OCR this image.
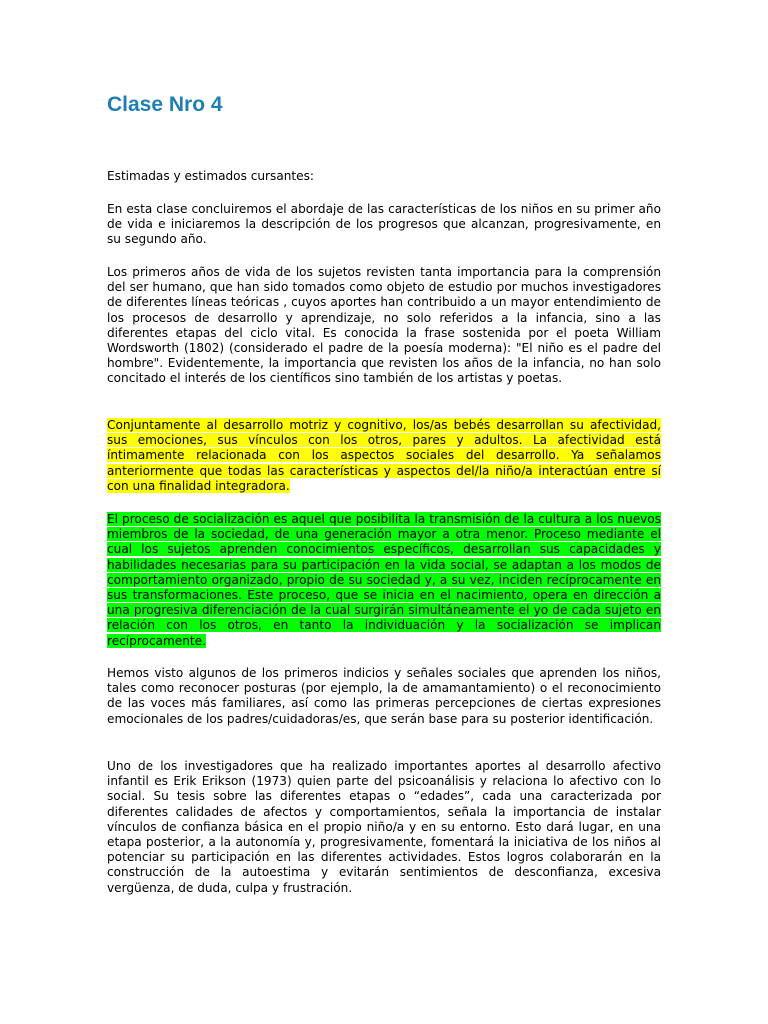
Clase Nro 4

Estimadas y estimados cursantes:

En esta clase concluiremos el abordaje de las características de los niños en su primer año de vida e iniciaremos la descripción de los progresos que alcanzan, progresivamente, en su segundo año.

Los primeros años de vida de los sujetos revisten tanta importancia para la comprensión del ser humano, que han sido tomados como objeto de estudio por muchos investigadores de diferentes líneas teóricas , cuyos aportes han contribuido a un mayor entendimiento de los procesos de desarrollo y aprendizaje, no solo referidos a la infancia, sino a las diferentes etapas del ciclo vital. Es conocida la frase sostenida por el poeta William Wordsworth (1802) (considerado el padre de la poesía moderna): "El niño es el padre del hombre". Evidentemente, la importancia que revisten los años de la infancia, no han solo concitado el interés de los científicos sino también de los artistas y poetas.

Conjuntamente al desarrollo motriz y cognitivo, los/as bebés desarrollan su afectividad, sus emociones, sus vínculos con los otros, pares y adultos. La afectividad está íntimamente relacionada con los aspectos sociales del desarrollo. Ya señalamos anteriormente que todas las características y aspectos del/la niño/a interactúan entre sí con una finalidad integradora.

El proceso de socialización es aquel que posibilita la transmisión de la cultura a los nuevos miembros de la sociedad, de una generación mayor a otra menor. Proceso mediante el cual los sujetos aprenden conocimientos específicos, desarrollan sus capacidades y habilidades necesarias para su participación en la vida social, se adaptan a los modos de comportamiento organizado, propio de su sociedad y, a su vez, inciden recíprocamente en sus transformaciones. Este proceso, que se inicia en el nacimiento, opera en dirección a una progresiva diferenciación de la cual surgirán simultáneamente el yo de cada sujeto en relación con los otros, en tanto la individuación y la socialización se implican recíprocamente.

Hemos visto algunos de los primeros indicios y señales sociales que aprenden los niños, tales como reconocer posturas (por ejemplo, la de amamantamiento) o el reconocimiento de las voces más familiares, así como las primeras percepciones de ciertas expresiones emocionales de los padres/cuidadoras/es, que serán base para su posterior identificación.

Uno de los investigadores que ha realizado importantes aportes al desarrollo afectivo infantil es Erik Erikson (1973) quien parte del psicoanálisis y relaciona lo afectivo con lo social. Su tesis sobre las diferentes etapas o “edades”, cada una caracterizada por diferentes calidades de afectos y comportamientos, señala la importancia de instalar vínculos de confianza básica en el propio niño/a y en su entorno. Esto dará lugar, en una etapa posterior, a la autonomía y, progresivamente, fomentará la iniciativa de los niños al potenciar su participación en las diferentes actividades. Estos logros colaborarán en la construcción de la autoestima y evitarán sentimientos de desconfianza, excesiva vergüenza, de duda, culpa y frustración.
